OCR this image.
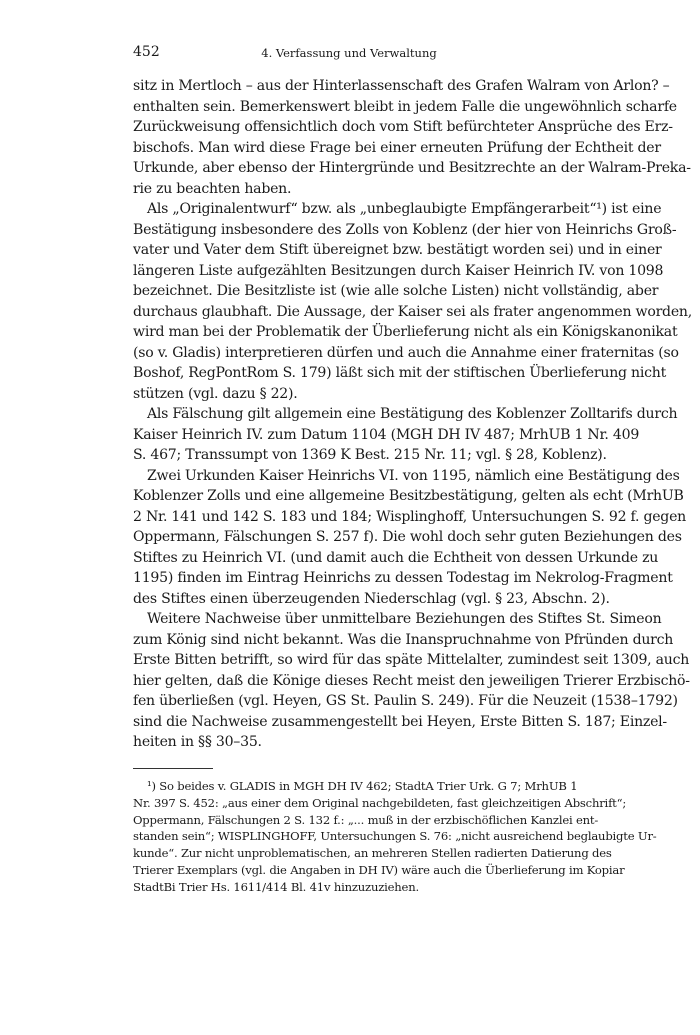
452	4. Verfassung und Verwaltung
sitz in Mertloch – aus der Hinterlassenschaft des Grafen Walram von Arlon? –
enthalten sein. Bemerkenswert bleibt in jedem Falle die ungewöhnlich scharfe
Zurückweisung offensichtlich doch vom Stift befürchteter Ansprüche des Erz-
bischofs. Man wird diese Frage bei einer erneuten Prüfung der Echtheit der
Urkunde, aber ebenso der Hintergründe und Besitzrechte an der Walram-Preka-
rie zu beachten haben.
Als „Originalentwurf“ bzw. als „unbeglaubigte Empfängerarbeit“¹) ist eine
Bestätigung insbesondere des Zolls von Koblenz (der hier von Heinrichs Groß-
vater und Vater dem Stift übereignet bzw. bestätigt worden sei) und in einer
längeren Liste aufgezählten Besitzungen durch Kaiser Heinrich IV. von 1098
bezeichnet. Die Besitzliste ist (wie alle solche Listen) nicht vollständig, aber
durchaus glaubhaft. Die Aussage, der Kaiser sei als frater angenommen worden,
wird man bei der Problematik der Überlieferung nicht als ein Königskanonikat
(so v. Gladis) interpretieren dürfen und auch die Annahme einer fraternitas (so
Boshof, RegPontRom S. 179) läßt sich mit der stiftischen Überlieferung nicht
stützen (vgl. dazu § 22).
Als Fälschung gilt allgemein eine Bestätigung des Koblenzer Zolltarifs durch
Kaiser Heinrich IV. zum Datum 1104 (MGH DH IV 487; MrhUB 1 Nr. 409
S. 467; Transsumpt von 1369 K Best. 215 Nr. 11; vgl. § 28, Koblenz).
Zwei Urkunden Kaiser Heinrichs VI. von 1195, nämlich eine Bestätigung des
Koblenzer Zolls und eine allgemeine Besitzbestätigung, gelten als echt (MrhUB
2 Nr. 141 und 142 S. 183 und 184; Wisplinghoff, Untersuchungen S. 92 f. gegen
Oppermann, Fälschungen S. 257 f). Die wohl doch sehr guten Beziehungen des
Stiftes zu Heinrich VI. (und damit auch die Echtheit von dessen Urkunde zu
1195) finden im Eintrag Heinrichs zu dessen Todestag im Nekrolog-Fragment
des Stiftes einen überzeugenden Niederschlag (vgl. § 23, Abschn. 2).
Weitere Nachweise über unmittelbare Beziehungen des Stiftes St. Simeon
zum König sind nicht bekannt. Was die Inanspruchnahme von Pfründen durch
Erste Bitten betrifft, so wird für das späte Mittelalter, zumindest seit 1309, auch
hier gelten, daß die Könige dieses Recht meist den jeweiligen Trierer Erzbischö-
fen überließen (vgl. Heyen, GS St. Paulin S. 249). Für die Neuzeit (1538–1792)
sind die Nachweise zusammengestellt bei Heyen, Erste Bitten S. 187; Einzel-
heiten in §§ 30–35.
¹) So beides v. GLADIS in MGH DH IV 462; StadtA Trier Urk. G 7; MrhUB 1
Nr. 397 S. 452: „aus einer dem Original nachgebildeten, fast gleichzeitigen Abschrift“;
Oppermann, Fälschungen 2 S. 132 f.: „... muß in der erzbischöflichen Kanzlei ent-
standen sein“; WISPLINGHOFF, Untersuchungen S. 76: „nicht ausreichend beglaubigte Ur-
kunde“. Zur nicht unproblematischen, an mehreren Stellen radierten Datierung des
Trierer Exemplars (vgl. die Angaben in DH IV) wäre auch die Überlieferung im Kopiar
StadtBi Trier Hs. 1611/414 Bl. 41v hinzuzuziehen.
